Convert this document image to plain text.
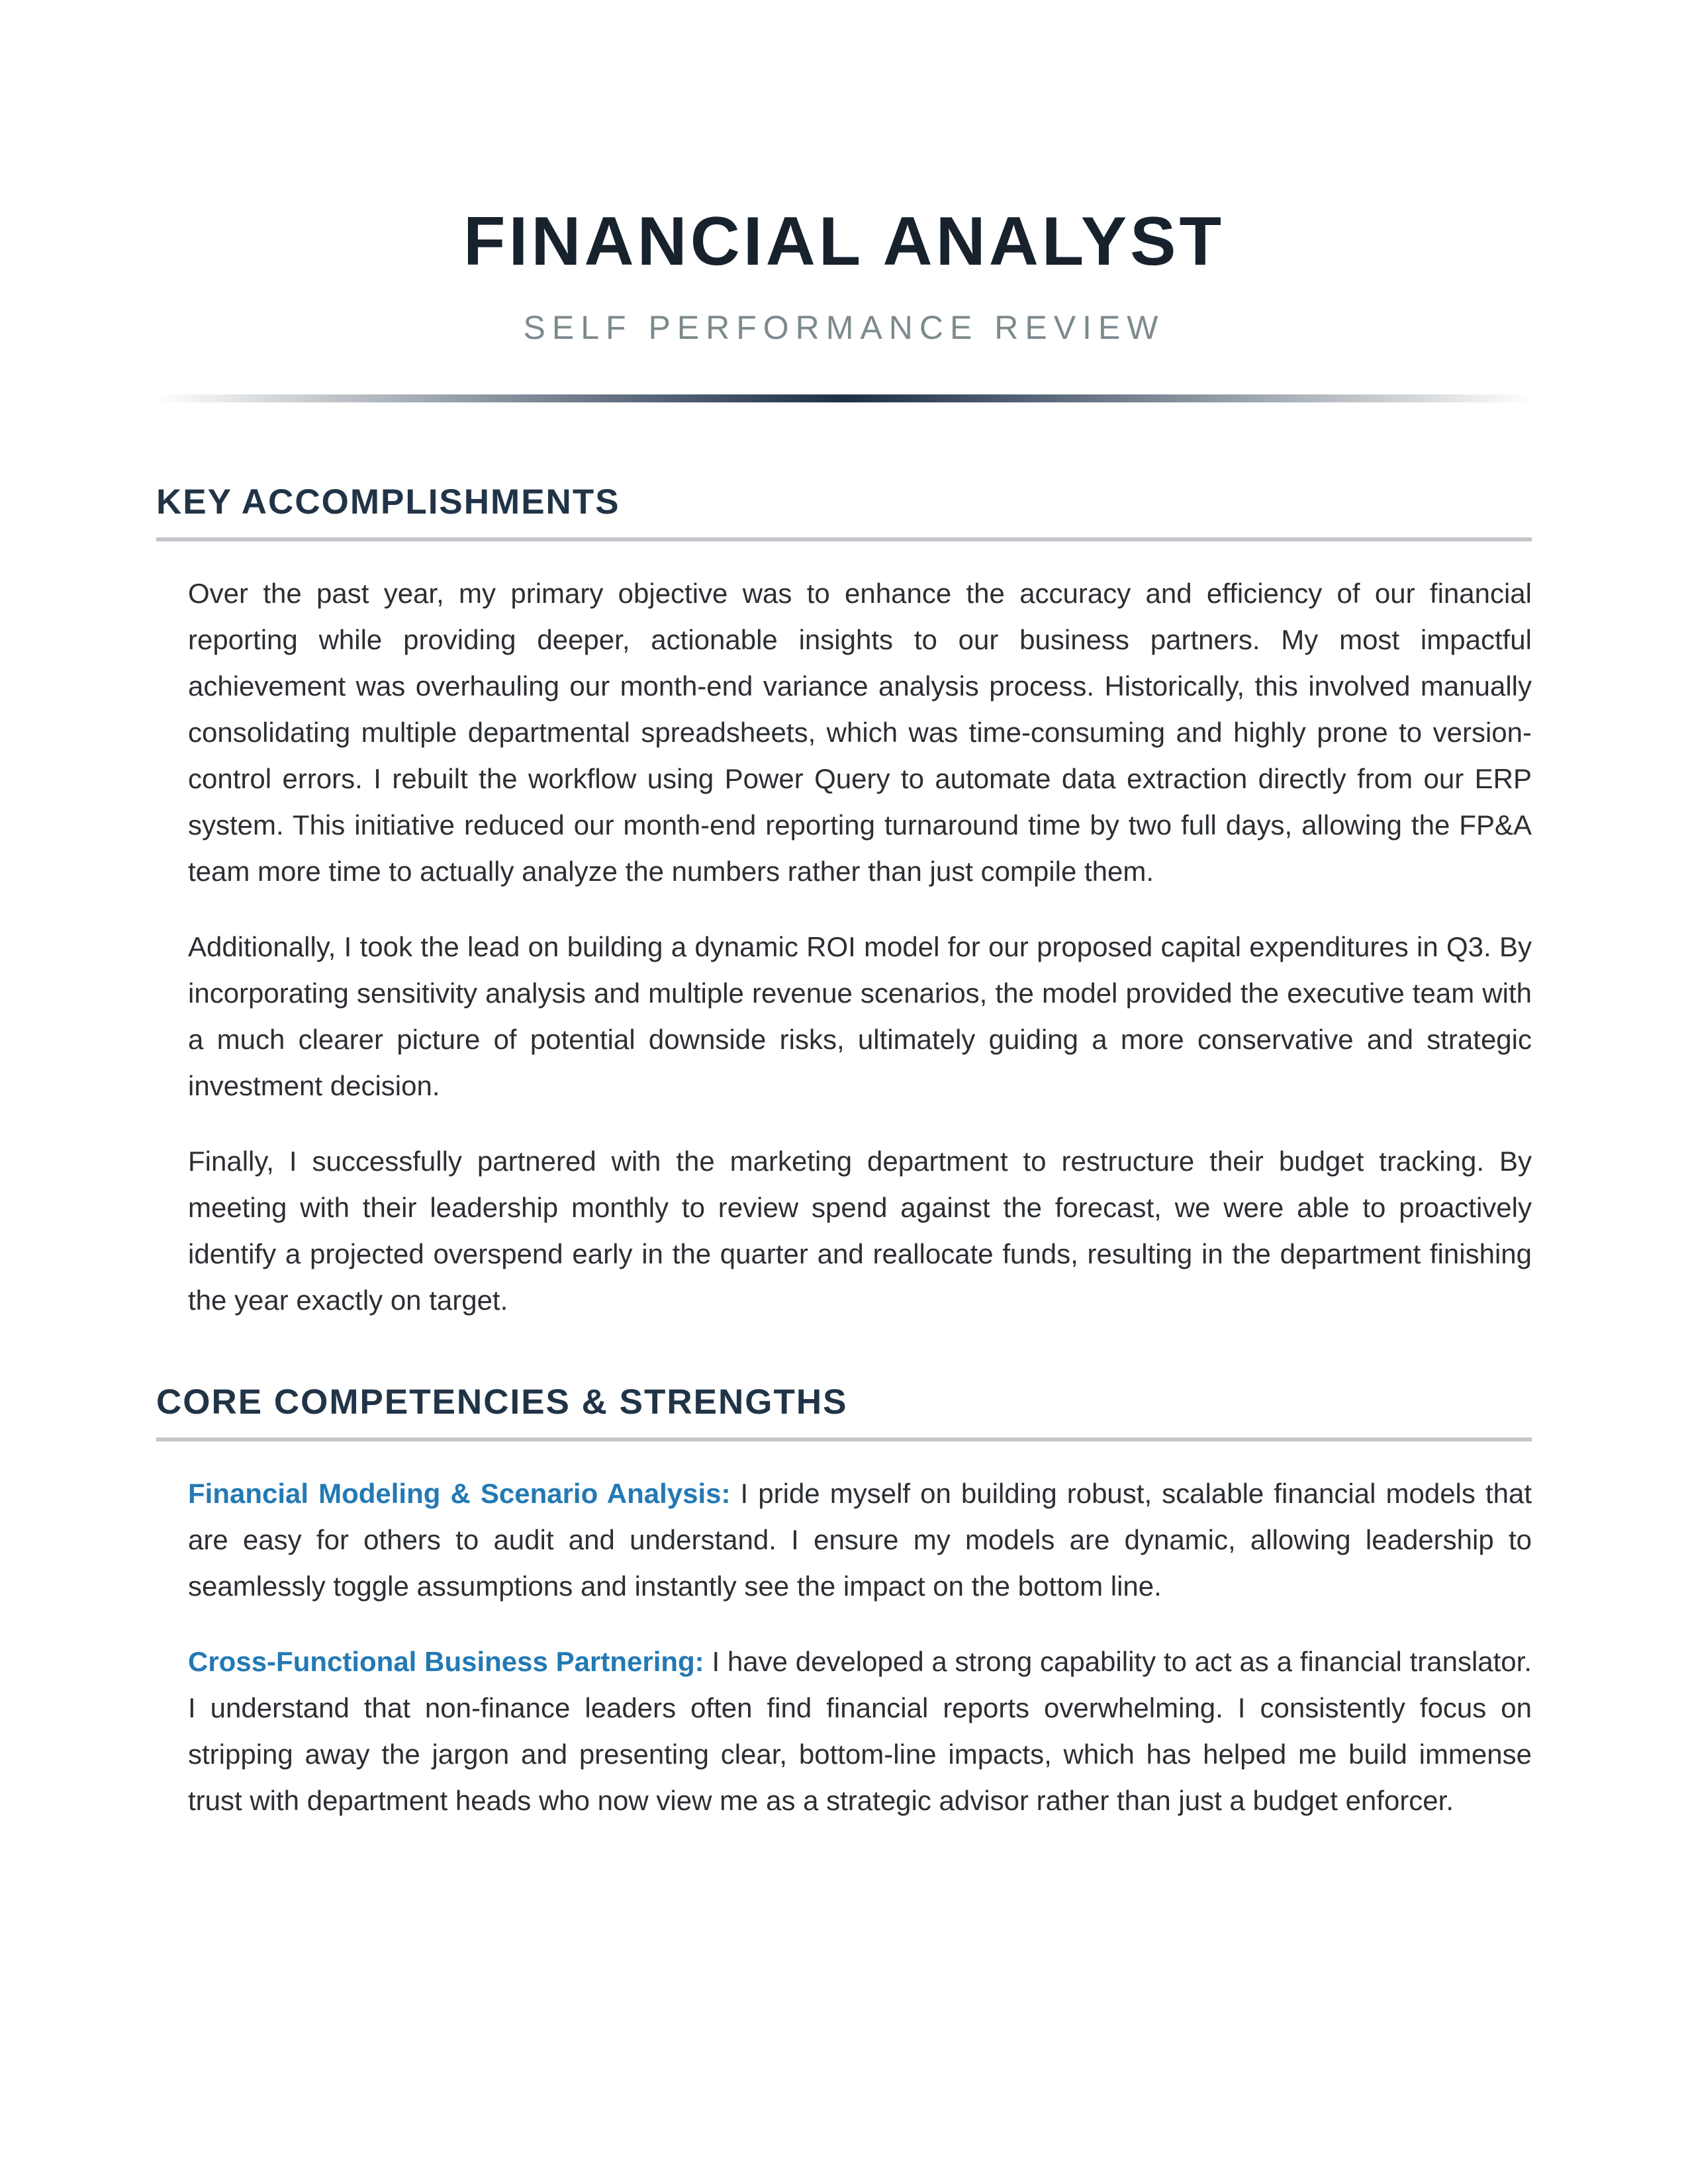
FINANCIAL ANALYST

SELF PERFORMANCE REVIEW

KEY ACCOMPLISHMENTS

Over the past year, my primary objective was to enhance the accuracy and efficiency of our financial reporting while providing deeper, actionable insights to our business partners. My most impactful achievement was overhauling our month-end variance analysis process. Historically, this involved manually consolidating multiple departmental spreadsheets, which was time-consuming and highly prone to version-control errors. I rebuilt the workflow using Power Query to automate data extraction directly from our ERP system. This initiative reduced our month-end reporting turnaround time by two full days, allowing the FP&A team more time to actually analyze the numbers rather than just compile them.

Additionally, I took the lead on building a dynamic ROI model for our proposed capital expenditures in Q3. By incorporating sensitivity analysis and multiple revenue scenarios, the model provided the executive team with a much clearer picture of potential downside risks, ultimately guiding a more conservative and strategic investment decision.

Finally, I successfully partnered with the marketing department to restructure their budget tracking. By meeting with their leadership monthly to review spend against the forecast, we were able to proactively identify a projected overspend early in the quarter and reallocate funds, resulting in the department finishing the year exactly on target.

CORE COMPETENCIES & STRENGTHS

Financial Modeling & Scenario Analysis: I pride myself on building robust, scalable financial models that are easy for others to audit and understand. I ensure my models are dynamic, allowing leadership to seamlessly toggle assumptions and instantly see the impact on the bottom line.

Cross-Functional Business Partnering: I have developed a strong capability to act as a financial translator. I understand that non-finance leaders often find financial reports overwhelming. I consistently focus on stripping away the jargon and presenting clear, bottom-line impacts, which has helped me build immense trust with department heads who now view me as a strategic advisor rather than just a budget enforcer.
